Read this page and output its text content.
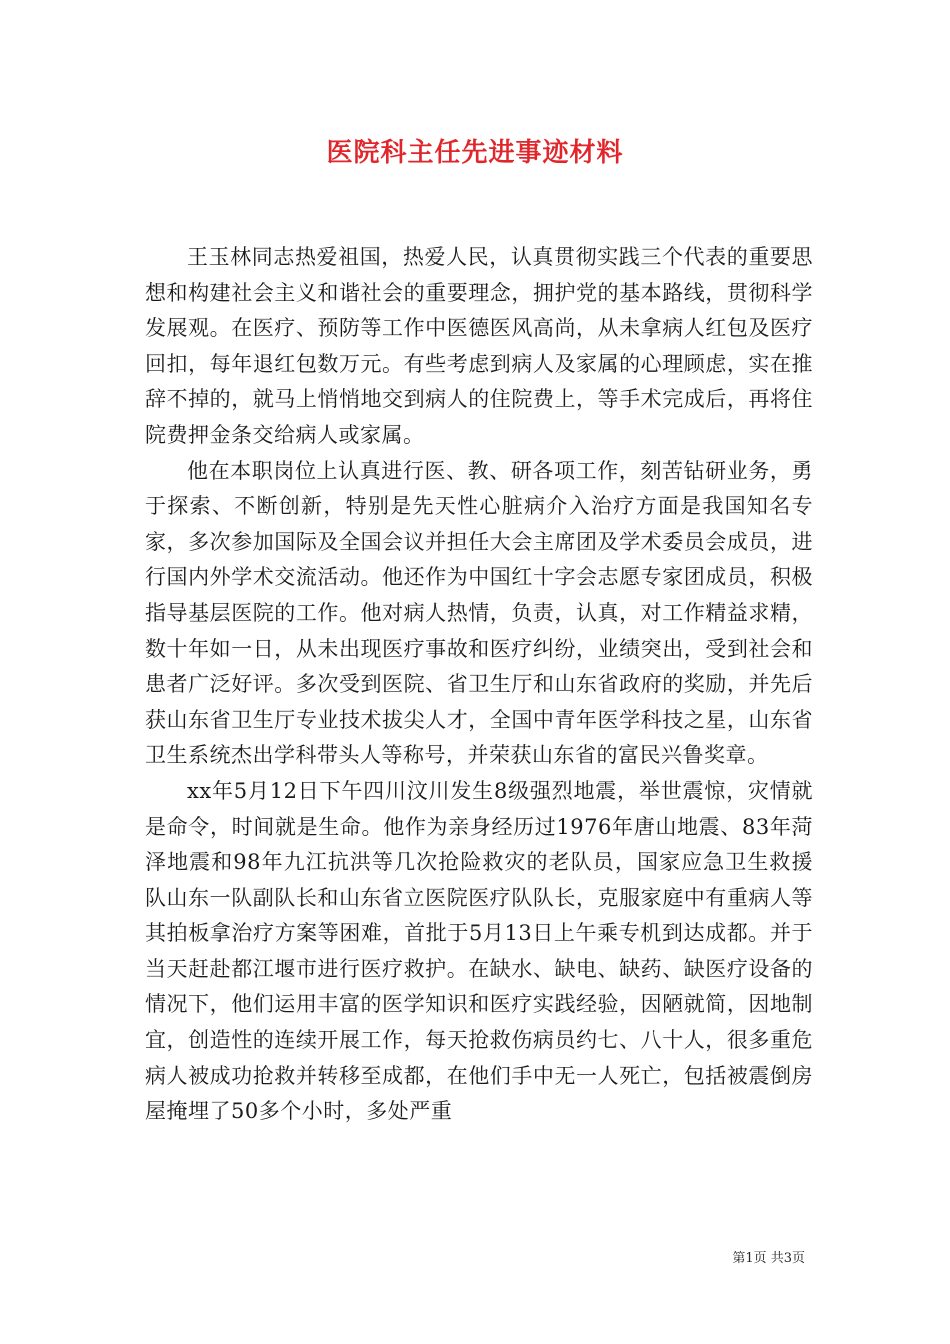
医院科主任先进事迹材料

王玉林同志热爱祖国，热爱人民，认真贯彻实践三个代表的重要思想和构建社会主义和谐社会的重要理念，拥护党的基本路线，贯彻科学发展观。在医疗、预防等工作中医德医风高尚，从未拿病人红包及医疗回扣，每年退红包数万元。有些考虑到病人及家属的心理顾虑，实在推辞不掉的，就马上悄悄地交到病人的住院费上，等手术完成后，再将住院费押金条交给病人或家属。

他在本职岗位上认真进行医、教、研各项工作，刻苦钻研业务，勇于探索、不断创新，特别是先天性心脏病介入治疗方面是我国知名专家，多次参加国际及全国会议并担任大会主席团及学术委员会成员，进行国内外学术交流活动。他还作为中国红十字会志愿专家团成员，积极指导基层医院的工作。他对病人热情，负责，认真，对工作精益求精，数十年如一日，从未出现医疗事故和医疗纠纷，业绩突出，受到社会和患者广泛好评。多次受到医院、省卫生厅和山东省政府的奖励，并先后获山东省卫生厅专业技术拔尖人才，全国中青年医学科技之星，山东省卫生系统杰出学科带头人等称号，并荣获山东省的富民兴鲁奖章。

xx年5月12日下午四川汶川发生8级强烈地震，举世震惊，灾情就是命令，时间就是生命。他作为亲身经历过1976年唐山地震、83年菏泽地震和98年九江抗洪等几次抢险救灾的老队员，国家应急卫生救援队山东一队副队长和山东省立医院医疗队队长，克服家庭中有重病人等其拍板拿治疗方案等困难，首批于5月13日上午乘专机到达成都。并于当天赶赴都江堰市进行医疗救护。在缺水、缺电、缺药、缺医疗设备的情况下，他们运用丰富的医学知识和医疗实践经验，因陋就简，因地制宜，创造性的连续开展工作，每天抢救伤病员约七、八十人，很多重危病人被成功抢救并转移至成都，在他们手中无一人死亡，包括被震倒房屋掩埋了50多个小时，多处严重

第1页 共3页
